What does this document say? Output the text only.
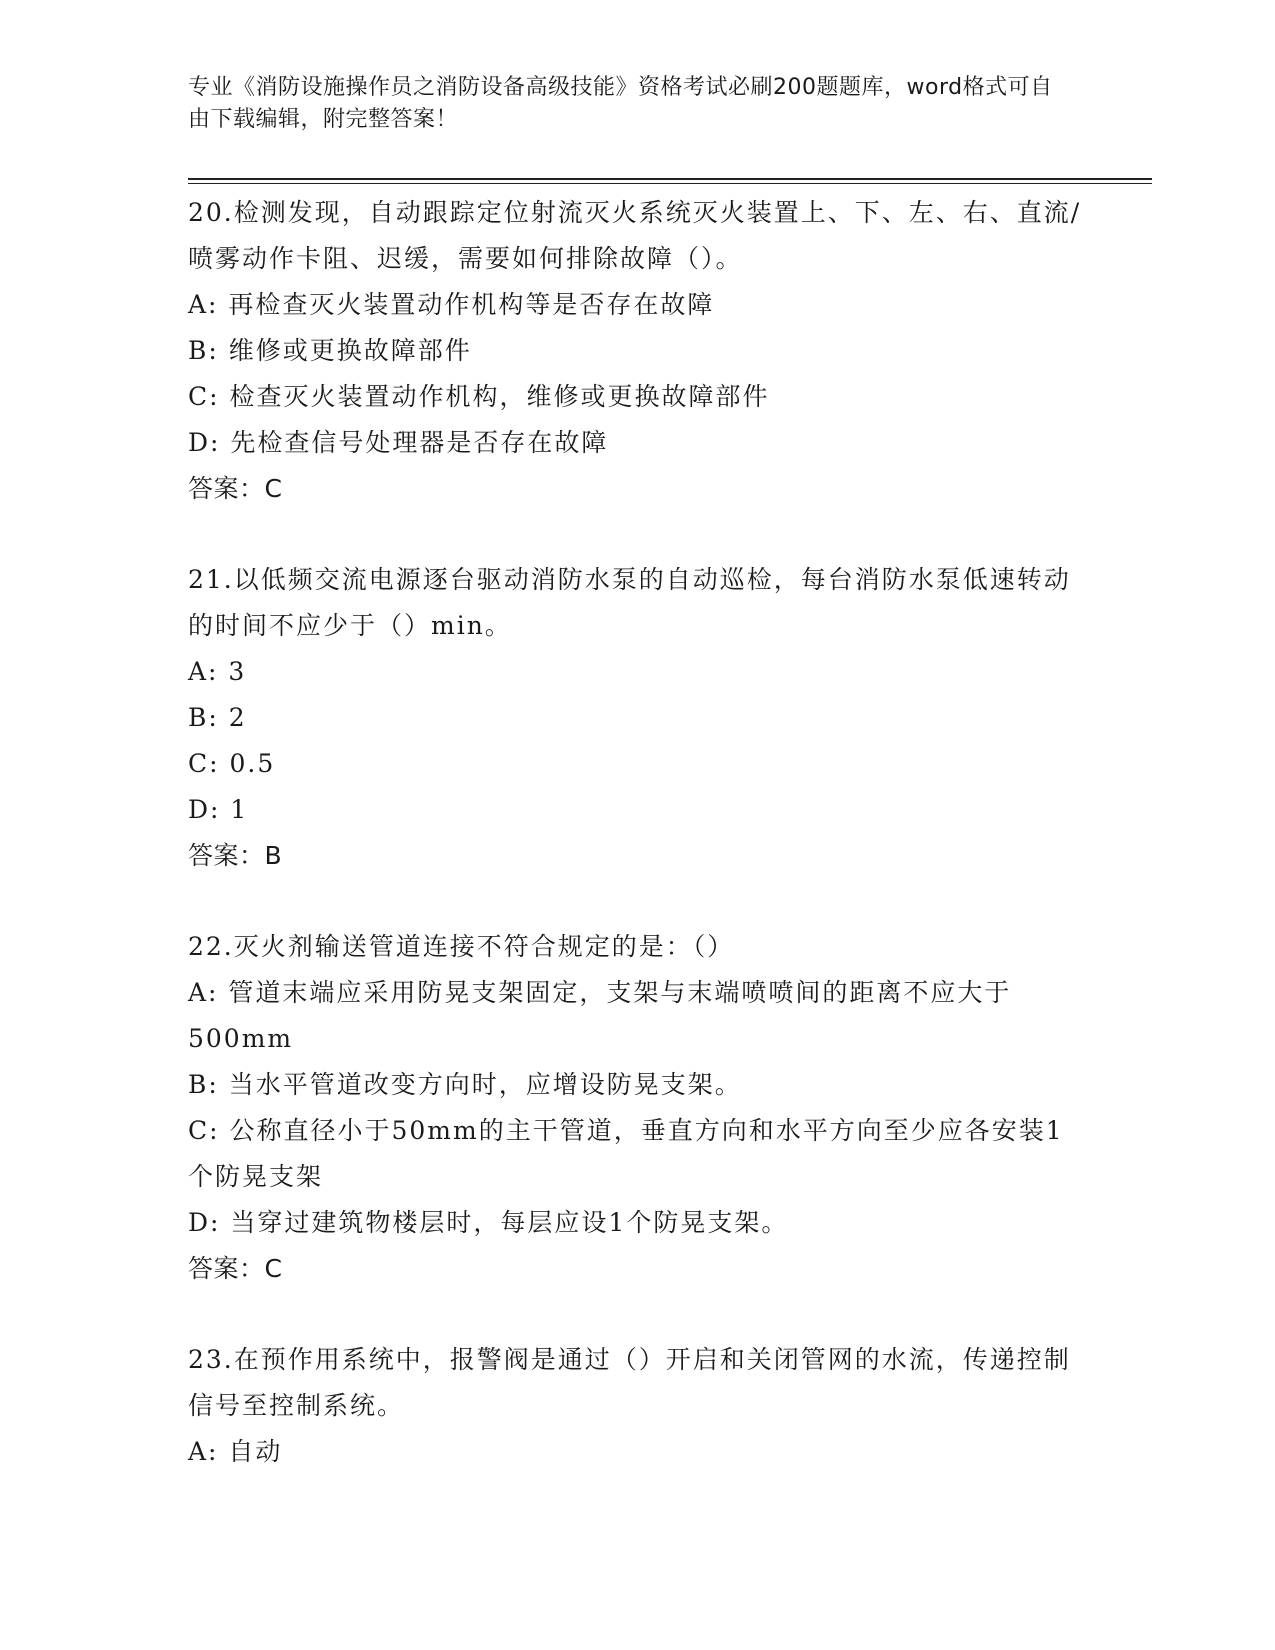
专业《消防设施操作员之消防设备高级技能》资格考试必刷200题题库，word格式可自由下载编辑，附完整答案！

20.检测发现，自动跟踪定位射流灭火系统灭火装置上、下、左、右、直流/喷雾动作卡阻、迟缓，需要如何排除故障（）。

A: 再检查灭火装置动作机构等是否存在故障

B: 维修或更换故障部件

C: 检查灭火装置动作机构，维修或更换故障部件

D: 先检查信号处理器是否存在故障

答案：C

21.以低频交流电源逐台驱动消防水泵的自动巡检，每台消防水泵低速转动的时间不应少于（）min。

A: 3

B: 2

C: 0.5

D: 1

答案：B

22.灭火剂输送管道连接不符合规定的是：（）

A: 管道末端应采用防晃支架固定，支架与末端喷喷间的距离不应大于500mm

B: 当水平管道改变方向时，应增设防晃支架。

C: 公称直径小于50mm的主干管道，垂直方向和水平方向至少应各安装1个防晃支架

D: 当穿过建筑物楼层时，每层应设1个防晃支架。

答案：C

23.在预作用系统中，报警阀是通过（）开启和关闭管网的水流，传递控制信号至控制系统。

A: 自动
